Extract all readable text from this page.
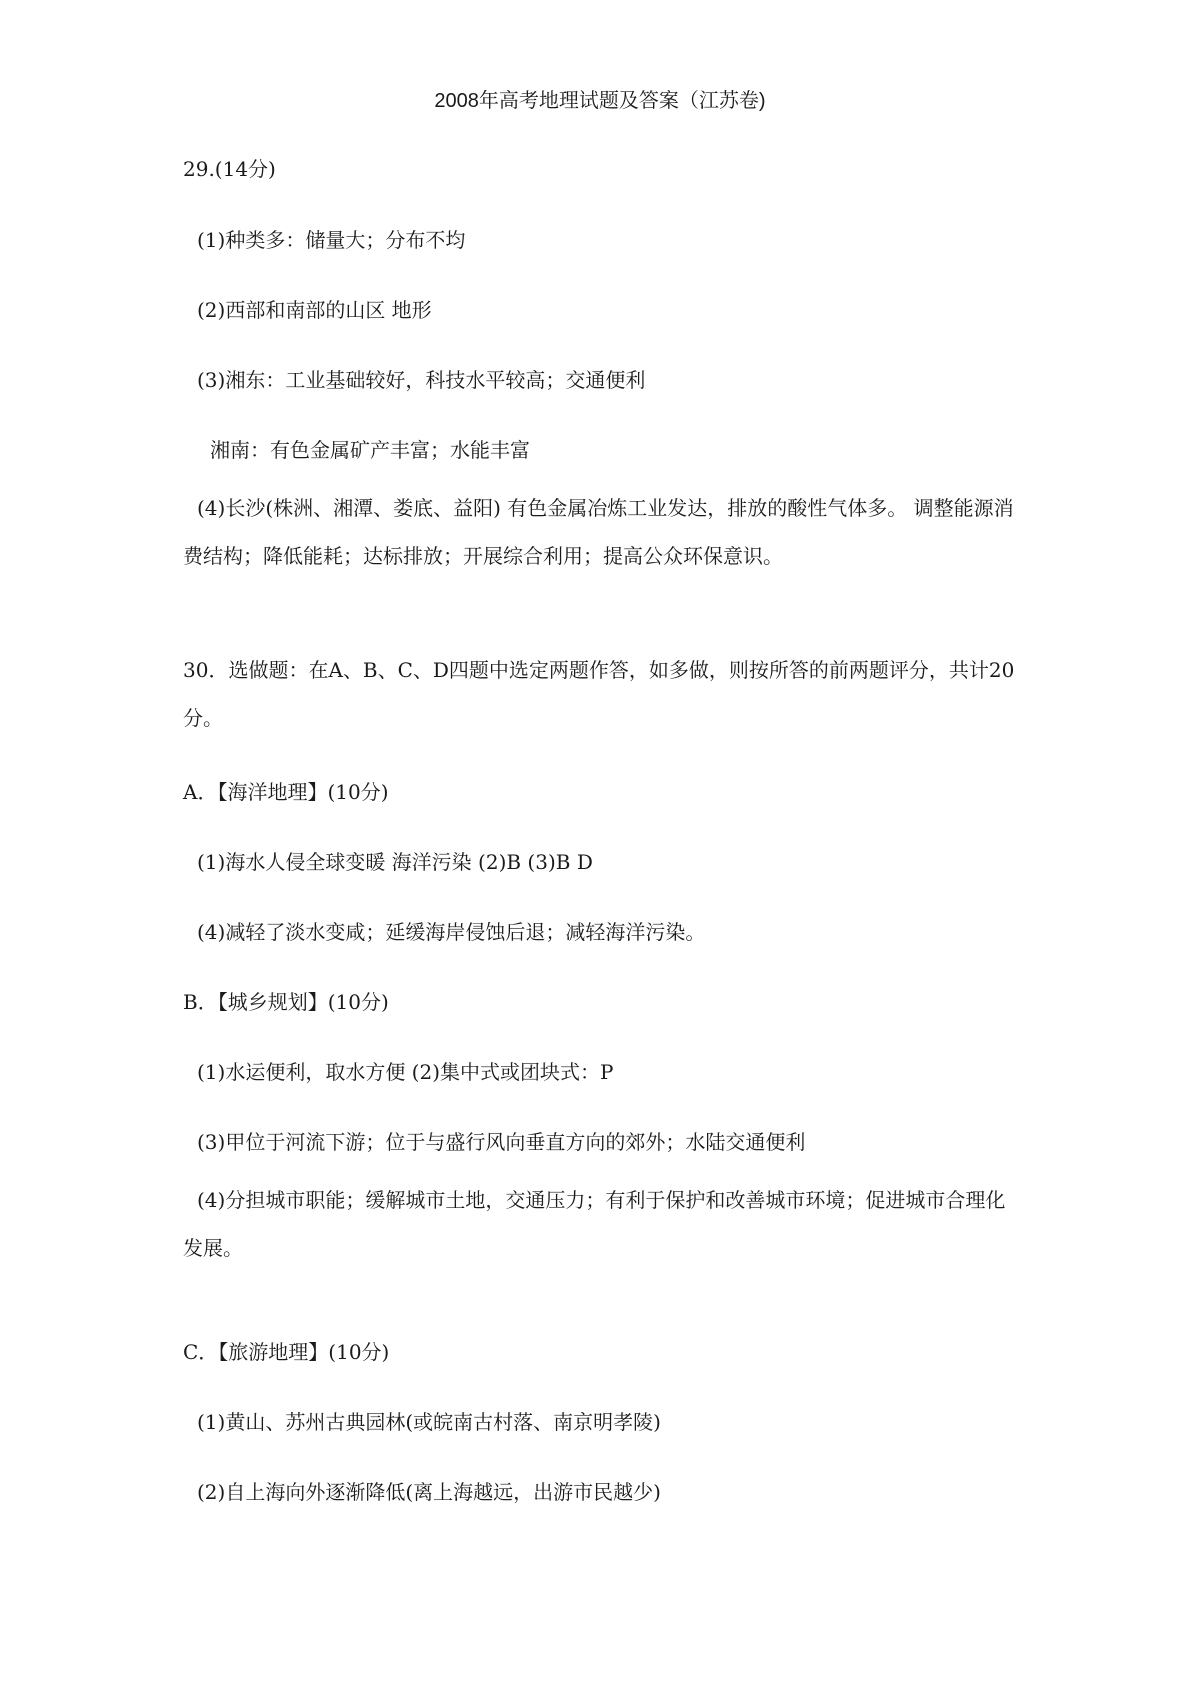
2008年高考地理试题及答案（江苏卷)
29.(14分)
(1)种类多：储量大；分布不均
(2)西部和南部的山区 地形
(3)湘东：工业基础较好，科技水平较高；交通便利
湘南：有色金属矿产丰富；水能丰富
(4)长沙(株洲、湘潭、娄底、益阳) 有色金属冶炼工业发达，排放的酸性气体多。 调整能源消费结构；降低能耗；达标排放；开展综合利用；提高公众环保意识。
30．选做题：在A、B、C、D四题中选定两题作答，如多做，则按所答的前两题评分，共计20分。
A．【海洋地理】(10分)
(1)海水人侵全球变暖 海洋污染 (2)B (3)B D
(4)减轻了淡水变咸；延缓海岸侵蚀后退；减轻海洋污染。
B．【城乡规划】(10分)
(1)水运便利，取水方便 (2)集中式或团块式：P
(3)甲位于河流下游；位于与盛行风向垂直方向的郊外；水陆交通便利
(4)分担城市职能；缓解城市土地，交通压力；有利于保护和改善城市环境；促进城市合理化发展。
C．【旅游地理】(10分)
(1)黄山、苏州古典园林(或皖南古村落、南京明孝陵)
(2)自上海向外逐渐降低(离上海越远，出游市民越少)
